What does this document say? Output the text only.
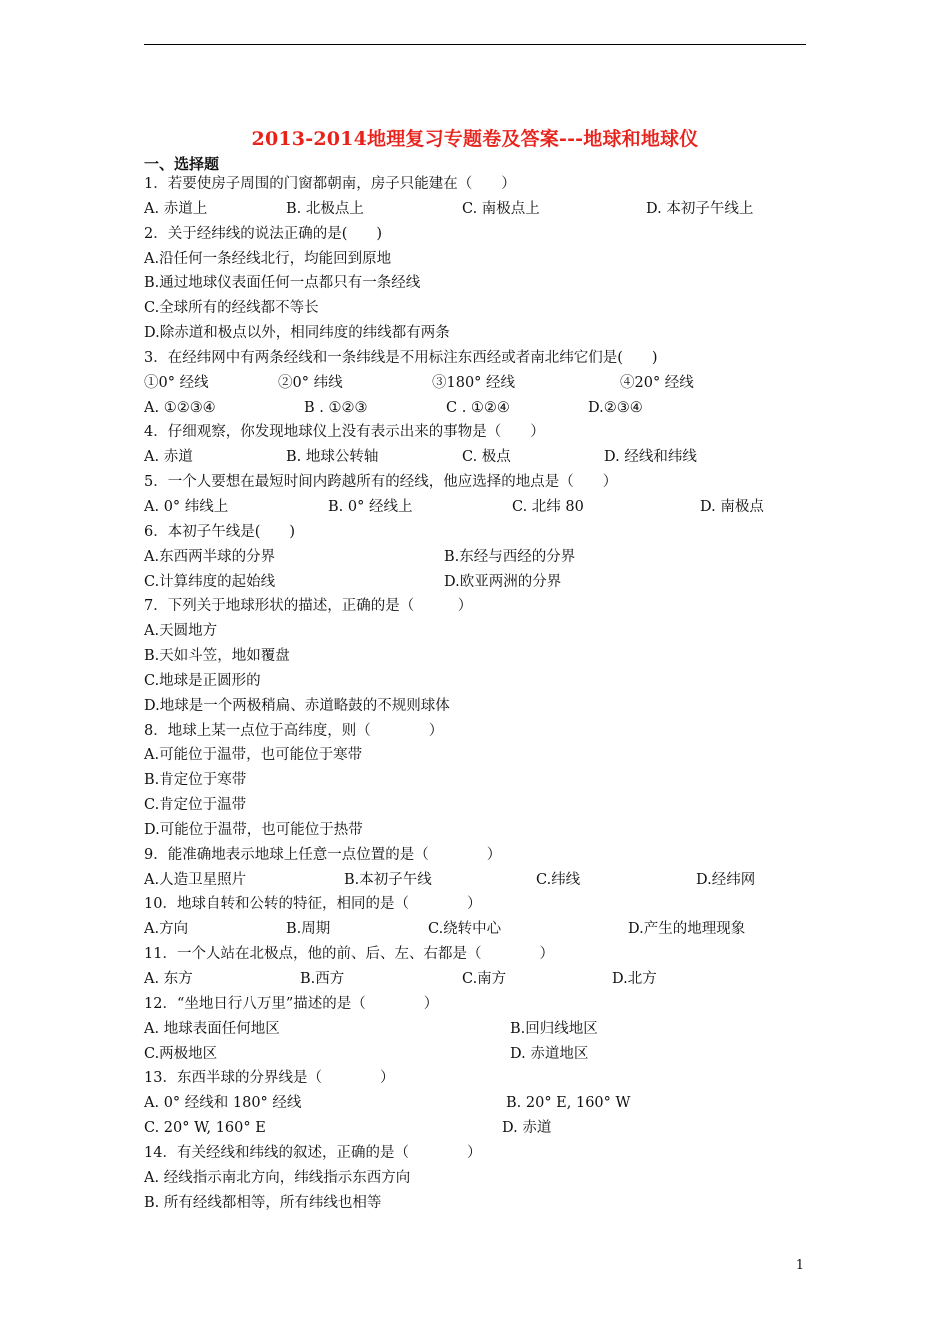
2013-2014地理复习专题卷及答案---地球和地球仪
一、选择题
1．若要使房子周围的门窗都朝南，房子只能建在（　　）
A. 赤道上	B. 北极点上	C. 南极点上	D. 本初子午线上
2．关于经纬线的说法正确的是(　　)
A.沿任何一条经线北行，均能回到原地
B.通过地球仪表面任何一点都只有一条经线
C.全球所有的经线都不等长
D.除赤道和极点以外，相同纬度的纬线都有两条
3．在经纬网中有两条经线和一条纬线是不用标注东西经或者南北纬它们是(　　)
①0° 经线	②0° 纬线	③180° 经线	④20° 经线
A. ①②③④	B . ①②③	C . ①②④	D.②③④
4．仔细观察，你发现地球仪上没有表示出来的事物是（　　）
A. 赤道	B. 地球公转轴	C. 极点	D. 经线和纬线
5．一个人要想在最短时间内跨越所有的经线，他应选择的地点是（　　）
A. 0° 纬线上	B. 0° 经线上	C. 北纬 80	D. 南极点
6．本初子午线是(　　)
A.东西两半球的分界	B.东经与西经的分界
C.计算纬度的起始线	D.欧亚两洲的分界
7．下列关于地球形状的描述，正确的是（　　　）
A.天圆地方
B.天如斗笠，地如覆盘
C.地球是正圆形的
D.地球是一个两极稍扁、赤道略鼓的不规则球体
8．地球上某一点位于高纬度，则（　　　　）
A.可能位于温带，也可能位于寒带
B.肯定位于寒带
C.肯定位于温带
D.可能位于温带，也可能位于热带
9．能准确地表示地球上任意一点位置的是（　　　　）
A.人造卫星照片	B.本初子午线	C.纬线	D.经纬网
10．地球自转和公转的特征，相同的是（　　　　）
A.方向	B.周期	C.绕转中心	D.产生的地理现象
11．一个人站在北极点，他的前、后、左、右都是（　　　　）
A. 东方	B.西方	C.南方	D.北方
12．“坐地日行八万里”描述的是（　　　　）
A. 地球表面任何地区	B.回归线地区
C.两极地区	D. 赤道地区
13．东西半球的分界线是（　　　　）
A. 0° 经线和 180° 经线	B. 20° E, 160° W
C. 20° W, 160° E	D. 赤道
14．有关经线和纬线的叙述，正确的是（　　　　）
A. 经线指示南北方向，纬线指示东西方向
B. 所有经线都相等，所有纬线也相等
1
